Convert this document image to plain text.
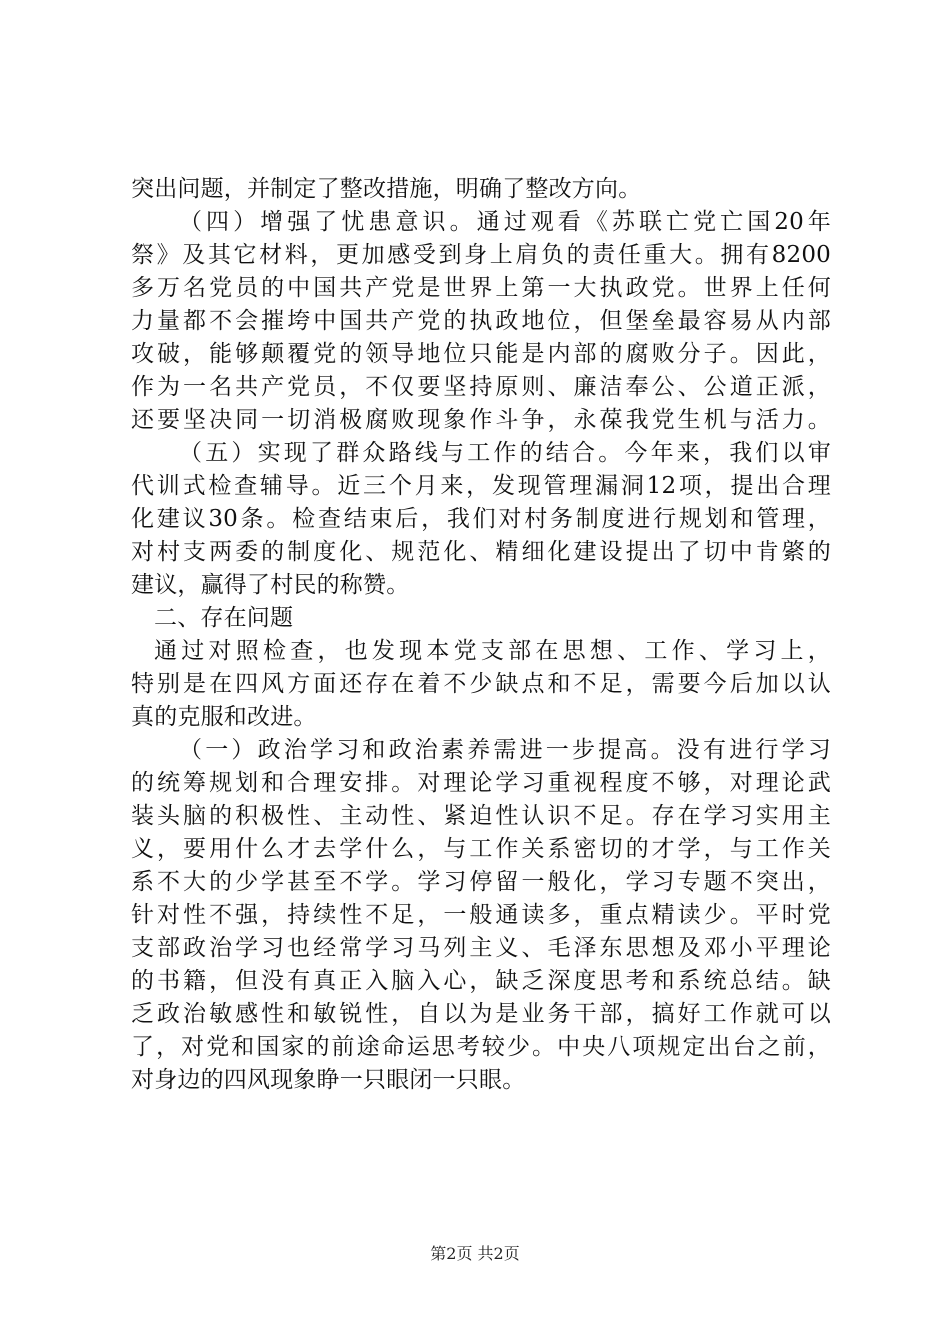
突出问题，并制定了整改措施，明确了整改方向。
（四）增强了忧患意识。通过观看《苏联亡党亡国20年
祭》及其它材料，更加感受到身上肩负的责任重大。拥有8200
多万名党员的中国共产党是世界上第一大执政党。世界上任何
力量都不会摧垮中国共产党的执政地位，但堡垒最容易从内部
攻破，能够颠覆党的领导地位只能是内部的腐败分子。因此，
作为一名共产党员，不仅要坚持原则、廉洁奉公、公道正派，
还要坚决同一切消极腐败现象作斗争，永葆我党生机与活力。
（五）实现了群众路线与工作的结合。今年来，我们以审
代训式检查辅导。近三个月来，发现管理漏洞12项，提出合理
化建议30条。检查结束后，我们对村务制度进行规划和管理，
对村支两委的制度化、规范化、精细化建设提出了切中肯綮的
建议，赢得了村民的称赞。
二、存在问题
通过对照检查，也发现本党支部在思想、工作、学习上，
特别是在四风方面还存在着不少缺点和不足，需要今后加以认
真的克服和改进。
（一）政治学习和政治素养需进一步提高。没有进行学习
的统筹规划和合理安排。对理论学习重视程度不够，对理论武
装头脑的积极性、主动性、紧迫性认识不足。存在学习实用主
义，要用什么才去学什么，与工作关系密切的才学，与工作关
系不大的少学甚至不学。学习停留一般化，学习专题不突出，
针对性不强，持续性不足，一般通读多，重点精读少。平时党
支部政治学习也经常学习马列主义、毛泽东思想及邓小平理论
的书籍，但没有真正入脑入心，缺乏深度思考和系统总结。缺
乏政治敏感性和敏锐性，自以为是业务干部，搞好工作就可以
了，对党和国家的前途命运思考较少。中央八项规定出台之前，
对身边的四风现象睁一只眼闭一只眼。
第2页 共2页
